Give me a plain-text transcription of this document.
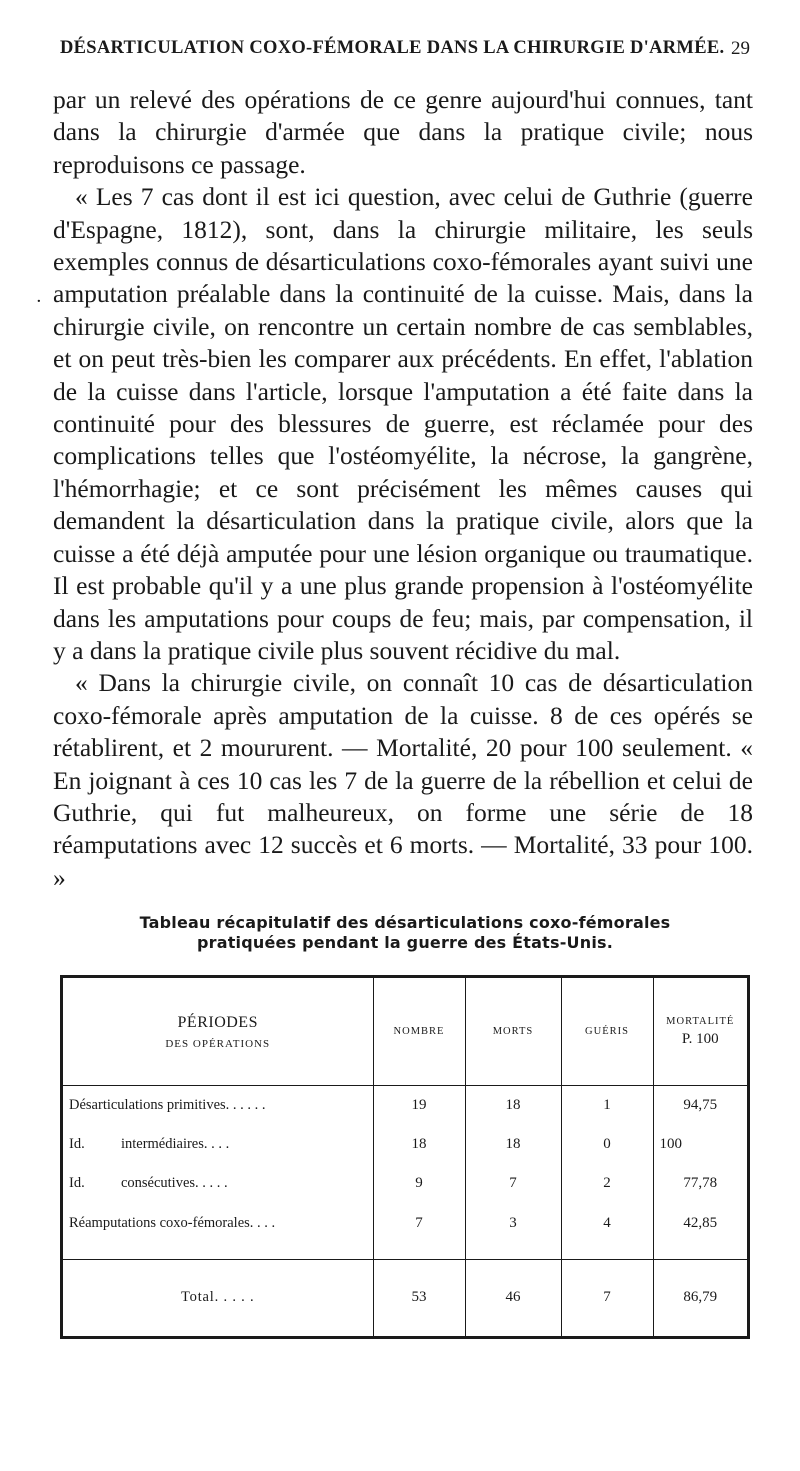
DÉSARTICULATION COXO-FÉMORALE DANS LA CHIRURGIE D'ARMÉE. 29
·

par un relevé des opérations de ce genre aujourd'hui connues, tant dans la chirurgie d'armée que dans la pratique civile; nous reproduisons ce passage.

« Les 7 cas dont il est ici question, avec celui de Guthrie (guerre d'Espagne, 1812), sont, dans la chirurgie militaire, les seuls exemples connus de désarticulations coxo-fémorales ayant suivi une amputation préalable dans la continuité de la cuisse. Mais, dans la chirurgie civile, on rencontre un certain nombre de cas semblables, et on peut très-bien les comparer aux précédents. En effet, l'ablation de la cuisse dans l'article, lorsque l'amputation a été faite dans la continuité pour des blessures de guerre, est réclamée pour des complications telles que l'ostéomyélite, la nécrose, la gangrène, l'hémorrhagie; et ce sont précisément les mêmes causes qui demandent la désarticulation dans la pratique civile, alors que la cuisse a été déjà amputée pour une lésion organique ou traumatique. Il est probable qu'il y a une plus grande propension à l'ostéomyélite dans les amputations pour coups de feu; mais, par compensation, il y a dans la pratique civile plus souvent récidive du mal.

« Dans la chirurgie civile, on connaît 10 cas de désarticulation coxo-fémorale après amputation de la cuisse. 8 de ces opérés se rétablirent, et 2 moururent. — Mortalité, 20 pour 100 seulement. « En joignant à ces 10 cas les 7 de la guerre de la rébellion et celui de Guthrie, qui fut malheureux, on forme une série de 18 réamputations avec 12 succès et 6 morts. — Mortalité, 33 pour 100. »

Tableau récapitulatif des désarticulations coxo-fémorales
pratiquées pendant la guerre des États-Unis.
PÉRIODES
DES OPÉRATIONS	NOMBRE	MORTS	GUÉRIS	MORTALITÉ
P. 100

Désarticulations primitives. . . . . .	19	18	1	94,75
Id.          intermédiaires. . . .	18	18	0	100
Id.          consécutives. . . . .	9	7	2	77,78
Réamputations coxo-fémorales. . . .	7	3	4	42,85

Total. . . . .	53	46	7	86,79
